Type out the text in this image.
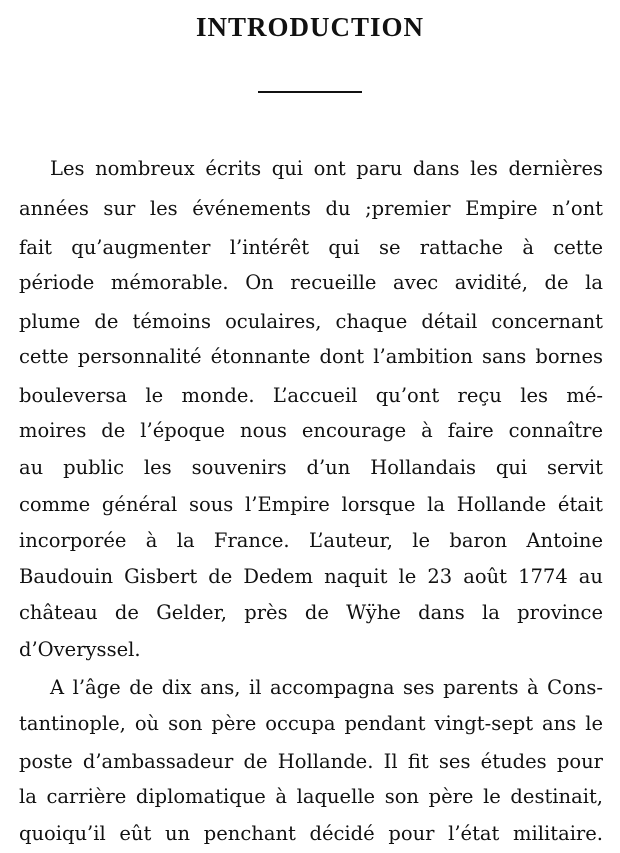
INTRODUCTION
Les nombreux écrits qui ont paru dans les dernières
années sur les événements du ;premier Empire n’ont
fait qu’augmenter l’intérêt qui se rattache à cette
période mémorable. On recueille avec avidité, de la
plume de témoins oculaires, chaque détail concernant
cette personnalité étonnante dont l’ambition sans bornes
bouleversa le monde. L’accueil qu’ont reçu les mé-
moires de l’époque nous encourage à faire connaître
au public les souvenirs d’un Hollandais qui servit
comme général sous l’Empire lorsque la Hollande était
incorporée à la France. L’auteur, le baron Antoine
Baudouin Gisbert de Dedem naquit le 23 août 1774 au
château de Gelder, près de Wÿhe dans la province
d’Overyssel.
A l’âge de dix ans, il accompagna ses parents à Cons-
tantinople, où son père occupa pendant vingt-sept ans le
poste d’ambassadeur de Hollande. Il fit ses études pour
la carrière diplomatique à laquelle son père le destinait,
quoiqu’il eût un penchant décidé pour l’état militaire.
